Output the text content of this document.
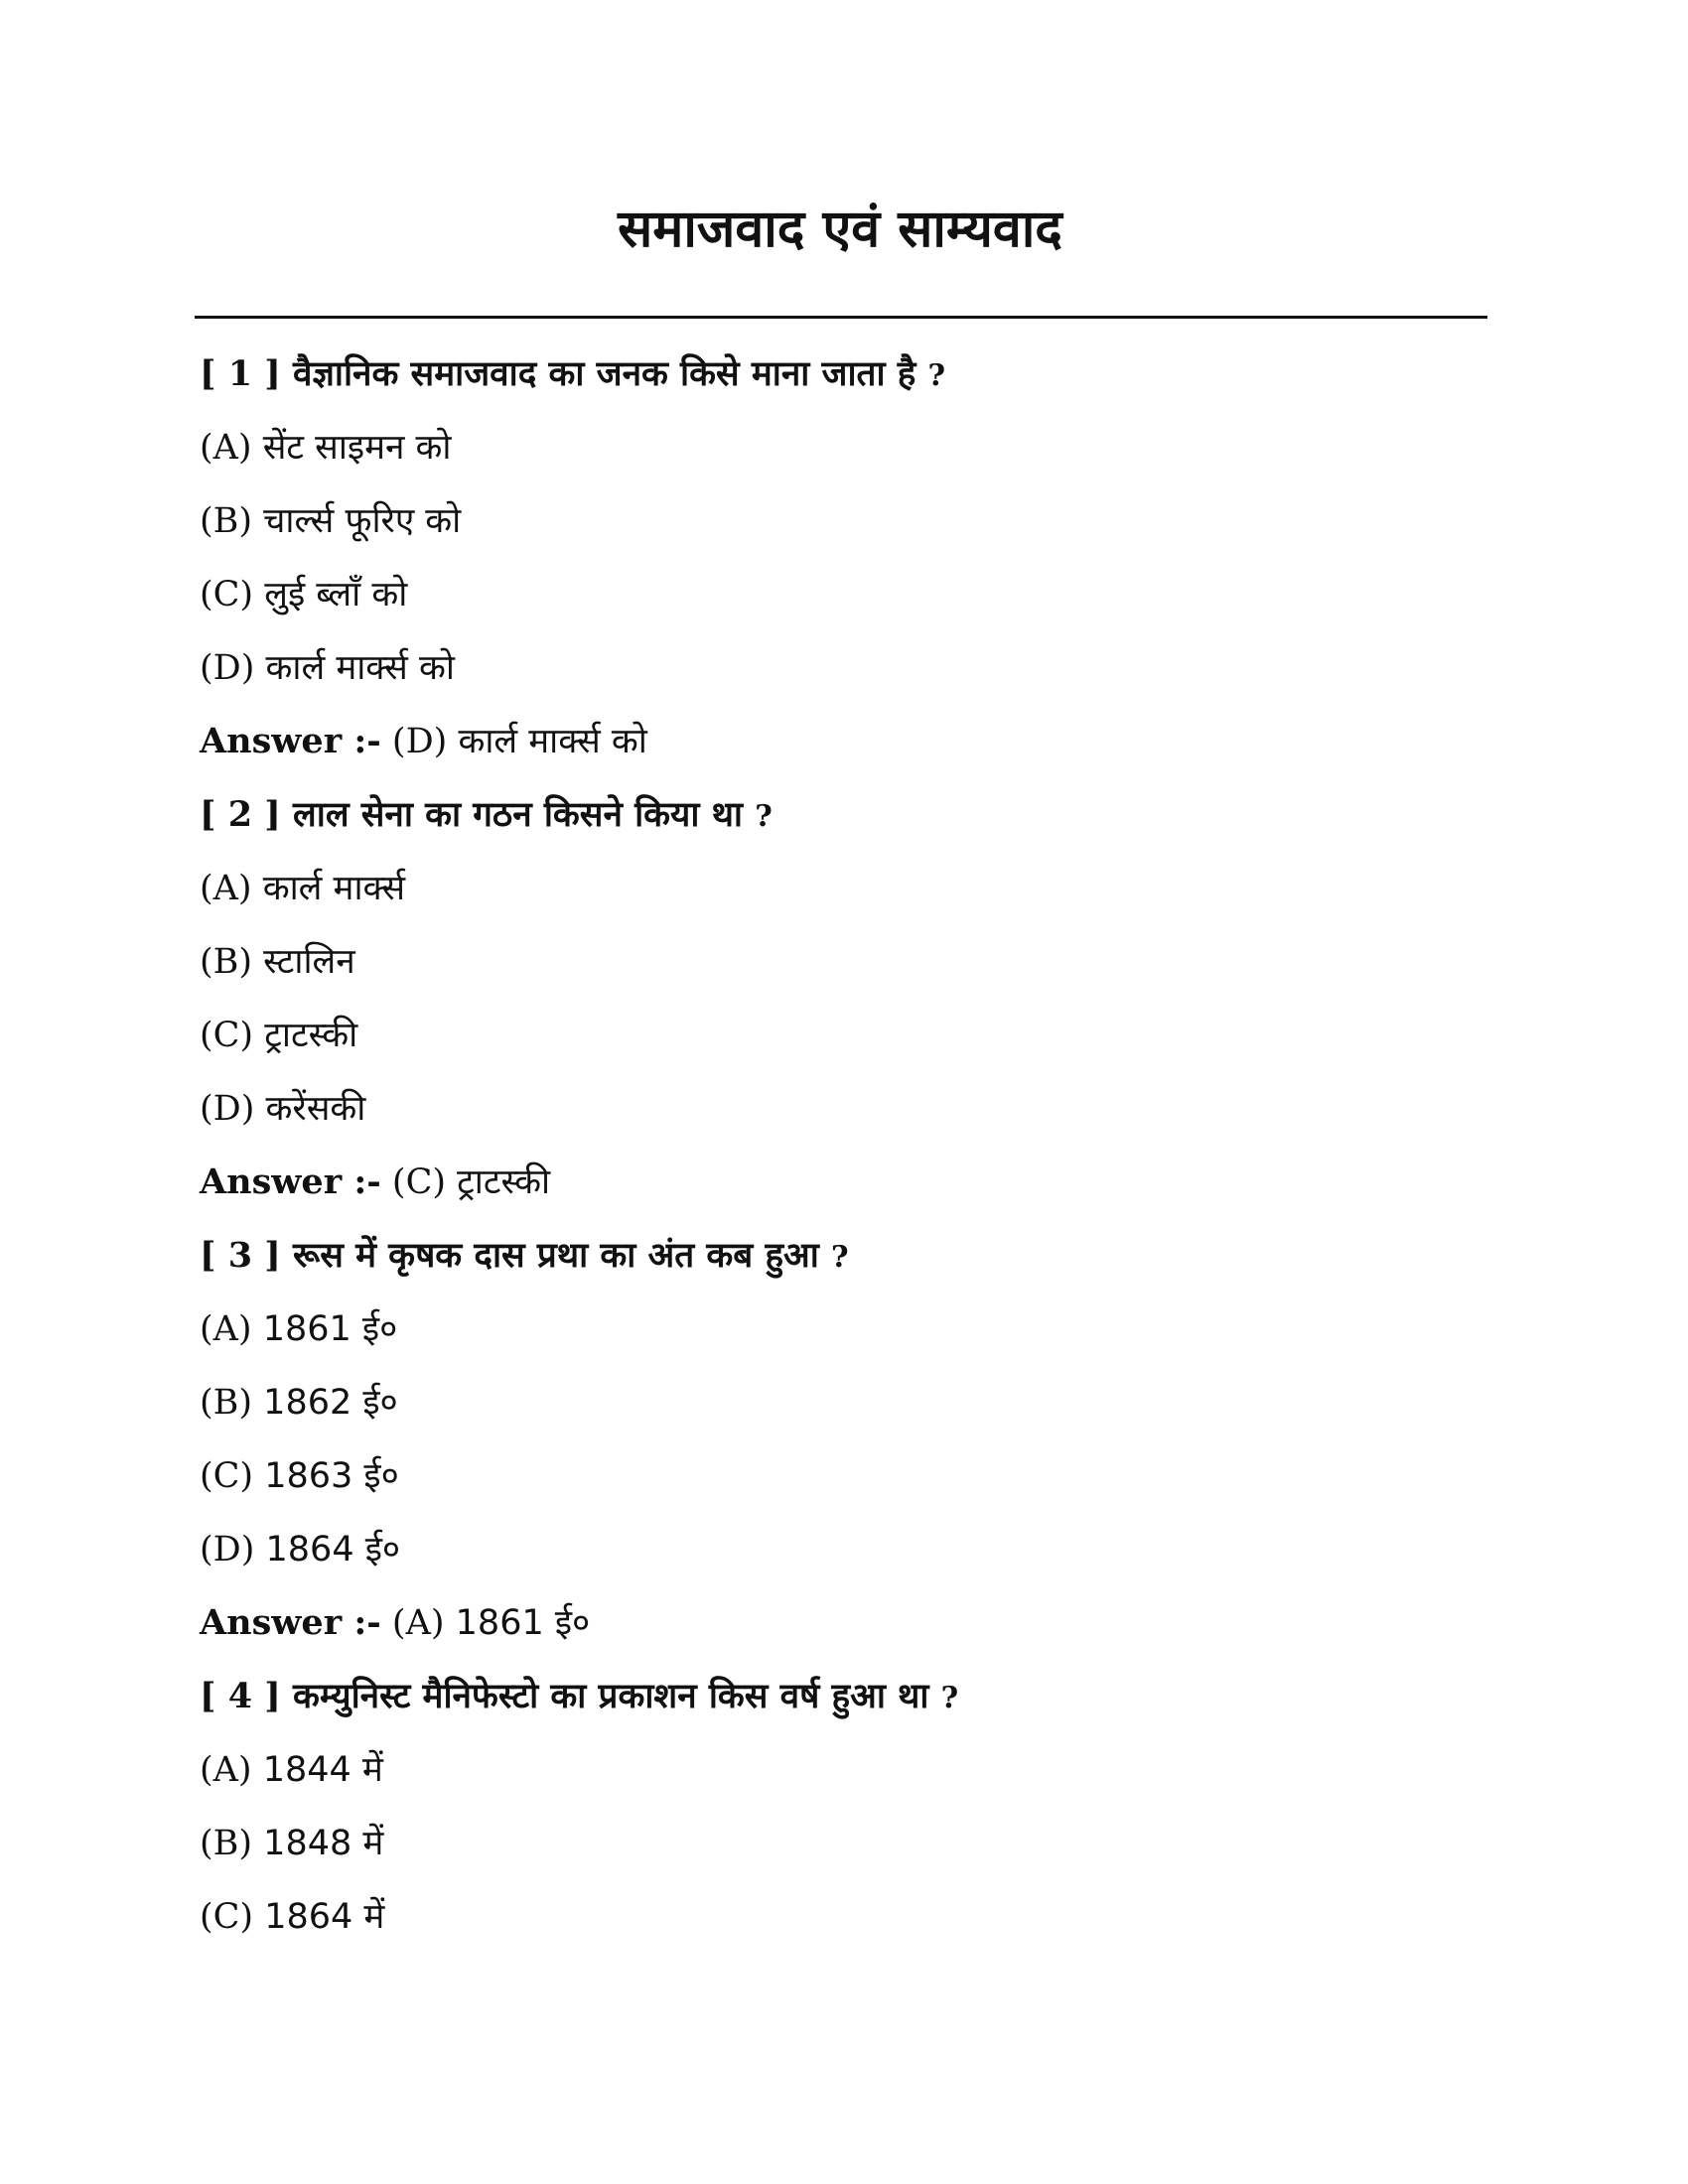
समाजवाद एवं साम्यवाद
[ 1 ] वैज्ञानिक समाजवाद का जनक किसे माना जाता है ?
(A) सेंट साइमन को
(B) चार्ल्स फूरिए को
(C) लुई ब्लाँ को
(D) कार्ल मार्क्स को
Answer :- (D) कार्ल मार्क्स को
[ 2 ] लाल सेना का गठन किसने किया था ?
(A) कार्ल मार्क्स
(B) स्टालिन
(C) ट्राटस्की
(D) करेंसकी
Answer :- (C) ट्राटस्की
[ 3 ] रूस में कृषक दास प्रथा का अंत कब हुआ ?
(A) 1861 ई०
(B) 1862 ई०
(C) 1863 ई०
(D) 1864 ई०
Answer :- (A) 1861 ई०
[ 4 ] कम्युनिस्ट मैनिफेस्टो का प्रकाशन किस वर्ष हुआ था ?
(A) 1844 में
(B) 1848 में
(C) 1864 में
